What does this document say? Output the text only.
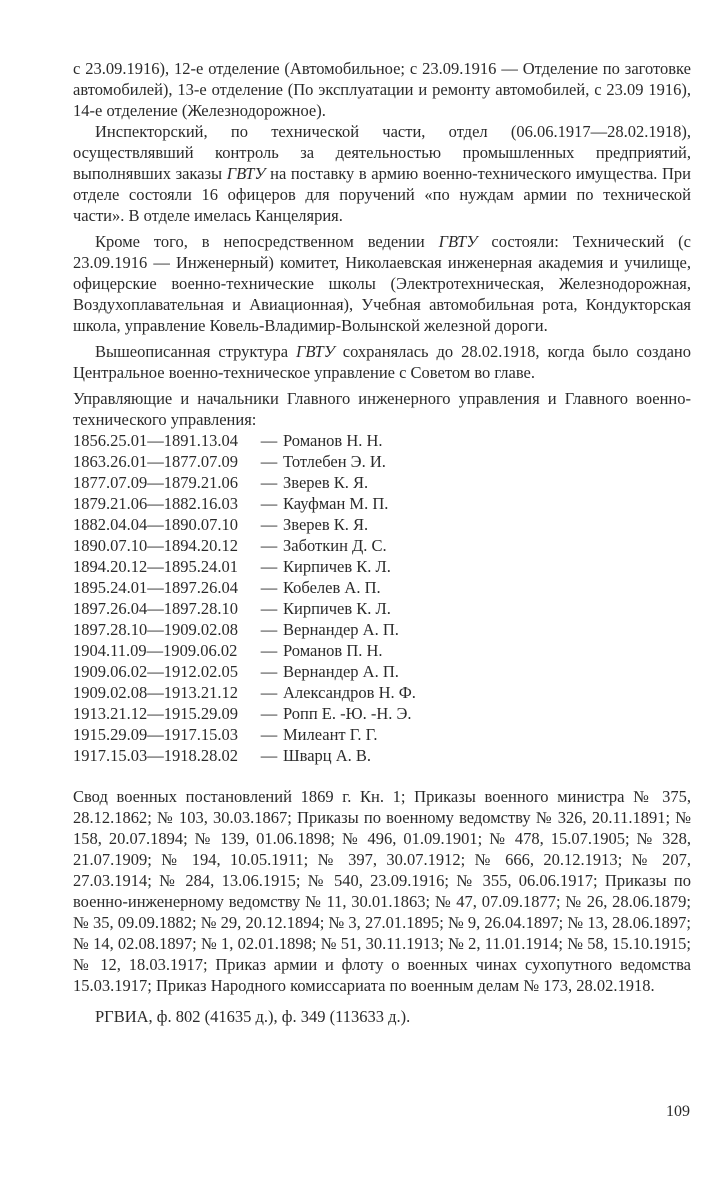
с 23.09.1916), 12-е отделение (Автомобильное; с 23.09.1916 — Отделение по заготовке автомобилей), 13-е отделение (По эксплуатации и ремонту автомобилей, с 23.09 1916), 14-е отделение (Железнодорожное).

Инспекторский, по технической части, отдел (06.06.1917—28.02.1918), осуществлявший контроль за деятельностью промышленных предприятий, выполнявших заказы ГВТУ на поставку в армию военно-технического имущества. При отделе состояли 16 офицеров для поручений «по нуждам армии по технической части». В отделе имелась Канцелярия.

Кроме того, в непосредственном ведении ГВТУ состояли: Технический (с 23.09.1916 — Инженерный) комитет, Николаевская инженерная академия и училище, офицерские военно-технические школы (Электротехническая, Железнодорожная, Воздухоплавательная и Авиационная), Учебная автомобильная рота, Кондукторская школа, управление Ковель-Владимир-Волынской железной дороги.

Вышеописанная структура ГВТУ сохранялась до 28.02.1918, когда было создано Центральное военно-техническое управление с Советом во главе.

Управляющие и начальники Главного инженерного управления и Главного военно-технического управления:

1856.25.01—1891.13.04	— Романов Н. Н.
1863.26.01—1877.07.09	— Тотлебен Э. И.
1877.07.09—1879.21.06	— Зверев К. Я.
1879.21.06—1882.16.03	— Кауфман М. П.
1882.04.04—1890.07.10	— Зверев К. Я.
1890.07.10—1894.20.12	— Заботкин Д. С.
1894.20.12—1895.24.01	— Кирпичев К. Л.
1895.24.01—1897.26.04	— Кобелев А. П.
1897.26.04—1897.28.10	— Кирпичев К. Л.
1897.28.10—1909.02.08	— Вернандер А. П.
1904.11.09—1909.06.02	— Романов П. Н.
1909.06.02—1912.02.05	— Вернандер А. П.
1909.02.08—1913.21.12	— Александров Н. Ф.
1913.21.12—1915.29.09	— Ропп Е. -Ю. -Н. Э.
1915.29.09—1917.15.03	— Милеант Г. Г.
1917.15.03—1918.28.02	— Шварц А. В.

Свод военных постановлений 1869 г. Кн. 1; Приказы военного министра № 375, 28.12.1862; № 103, 30.03.1867; Приказы по военному ведомству № 326, 20.11.1891; № 158, 20.07.1894; № 139, 01.06.1898; № 496, 01.09.1901; № 478, 15.07.1905; № 328, 21.07.1909; № 194, 10.05.1911; № 397, 30.07.1912; № 666, 20.12.1913; № 207, 27.03.1914; № 284, 13.06.1915; № 540, 23.09.1916; № 355, 06.06.1917; Приказы по военно-инженерному ведомству № 11, 30.01.1863; № 47, 07.09.1877; № 26, 28.06.1879; № 35, 09.09.1882; № 29, 20.12.1894; № 3, 27.01.1895; № 9, 26.04.1897; № 13, 28.06.1897; № 14, 02.08.1897; № 1, 02.01.1898; № 51, 30.11.1913; № 2, 11.01.1914; № 58, 15.10.1915; № 12, 18.03.1917; Приказ армии и флоту о военных чинах сухопутного ведомства 15.03.1917; Приказ Народного комиссариата по военным делам № 173, 28.02.1918.

РГВИА, ф. 802 (41635 д.), ф. 349 (113633 д.).

109
